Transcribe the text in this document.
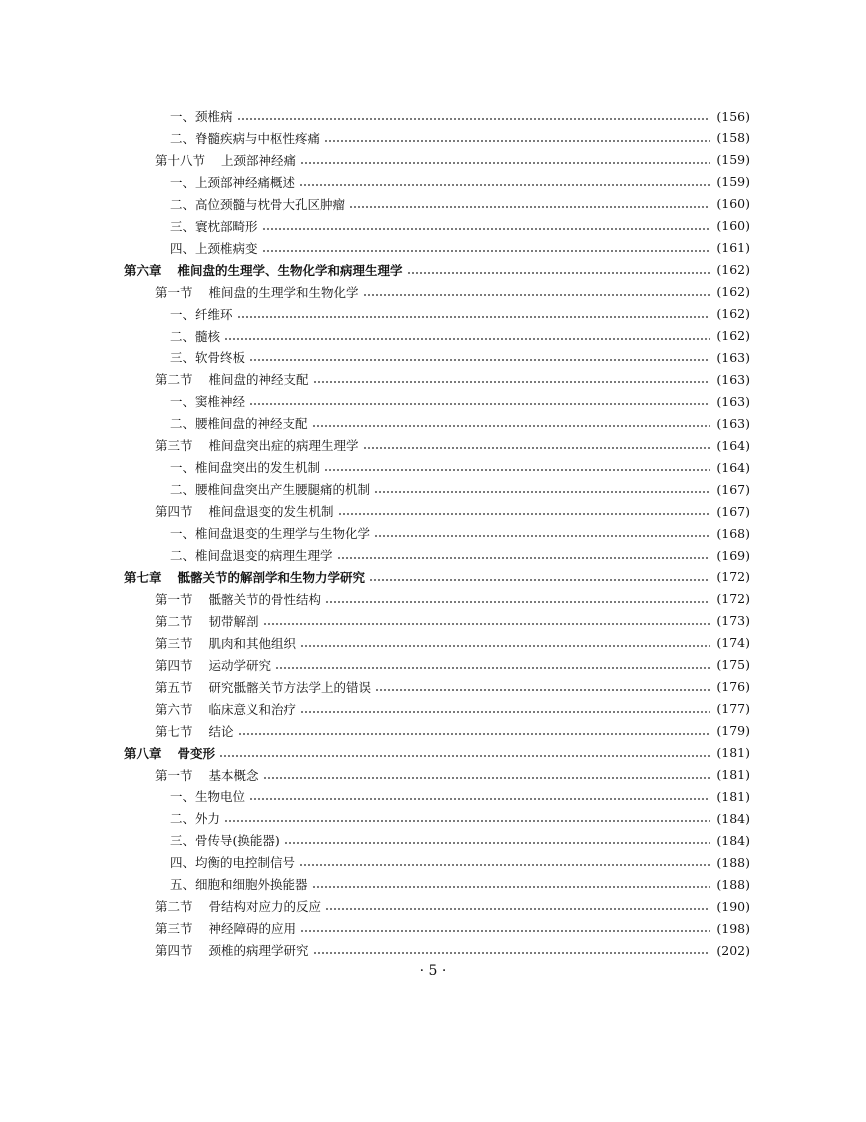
一、颈椎病	(156)
二、脊髓疾病与中枢性疼痛	(158)
第十八节 上颈部神经痛	(159)
一、上颈部神经痛概述	(159)
二、高位颈髓与枕骨大孔区肿瘤	(160)
三、寰枕部畸形	(160)
四、上颈椎病变	(161)
第六章 椎间盘的生理学、生物化学和病理生理学	(162)
第一节 椎间盘的生理学和生物化学	(162)
一、纤维环	(162)
二、髓核	(162)
三、软骨终板	(163)
第二节 椎间盘的神经支配	(163)
一、窦椎神经	(163)
二、腰椎间盘的神经支配	(163)
第三节 椎间盘突出症的病理生理学	(164)
一、椎间盘突出的发生机制	(164)
二、腰椎间盘突出产生腰腿痛的机制	(167)
第四节 椎间盘退变的发生机制	(167)
一、椎间盘退变的生理学与生物化学	(168)
二、椎间盘退变的病理生理学	(169)
第七章 骶髂关节的解剖学和生物力学研究	(172)
第一节 骶髂关节的骨性结构	(172)
第二节 韧带解剖	(173)
第三节 肌肉和其他组织	(174)
第四节 运动学研究	(175)
第五节 研究骶髂关节方法学上的错误	(176)
第六节 临床意义和治疗	(177)
第七节 结论	(179)
第八章 骨变形	(181)
第一节 基本概念	(181)
一、生物电位	(181)
二、外力	(184)
三、骨传导(换能器)	(184)
四、均衡的电控制信号	(188)
五、细胞和细胞外换能器	(188)
第二节 骨结构对应力的反应	(190)
第三节 神经障碍的应用	(198)
第四节 颈椎的病理学研究	(202)
· 5 ·
